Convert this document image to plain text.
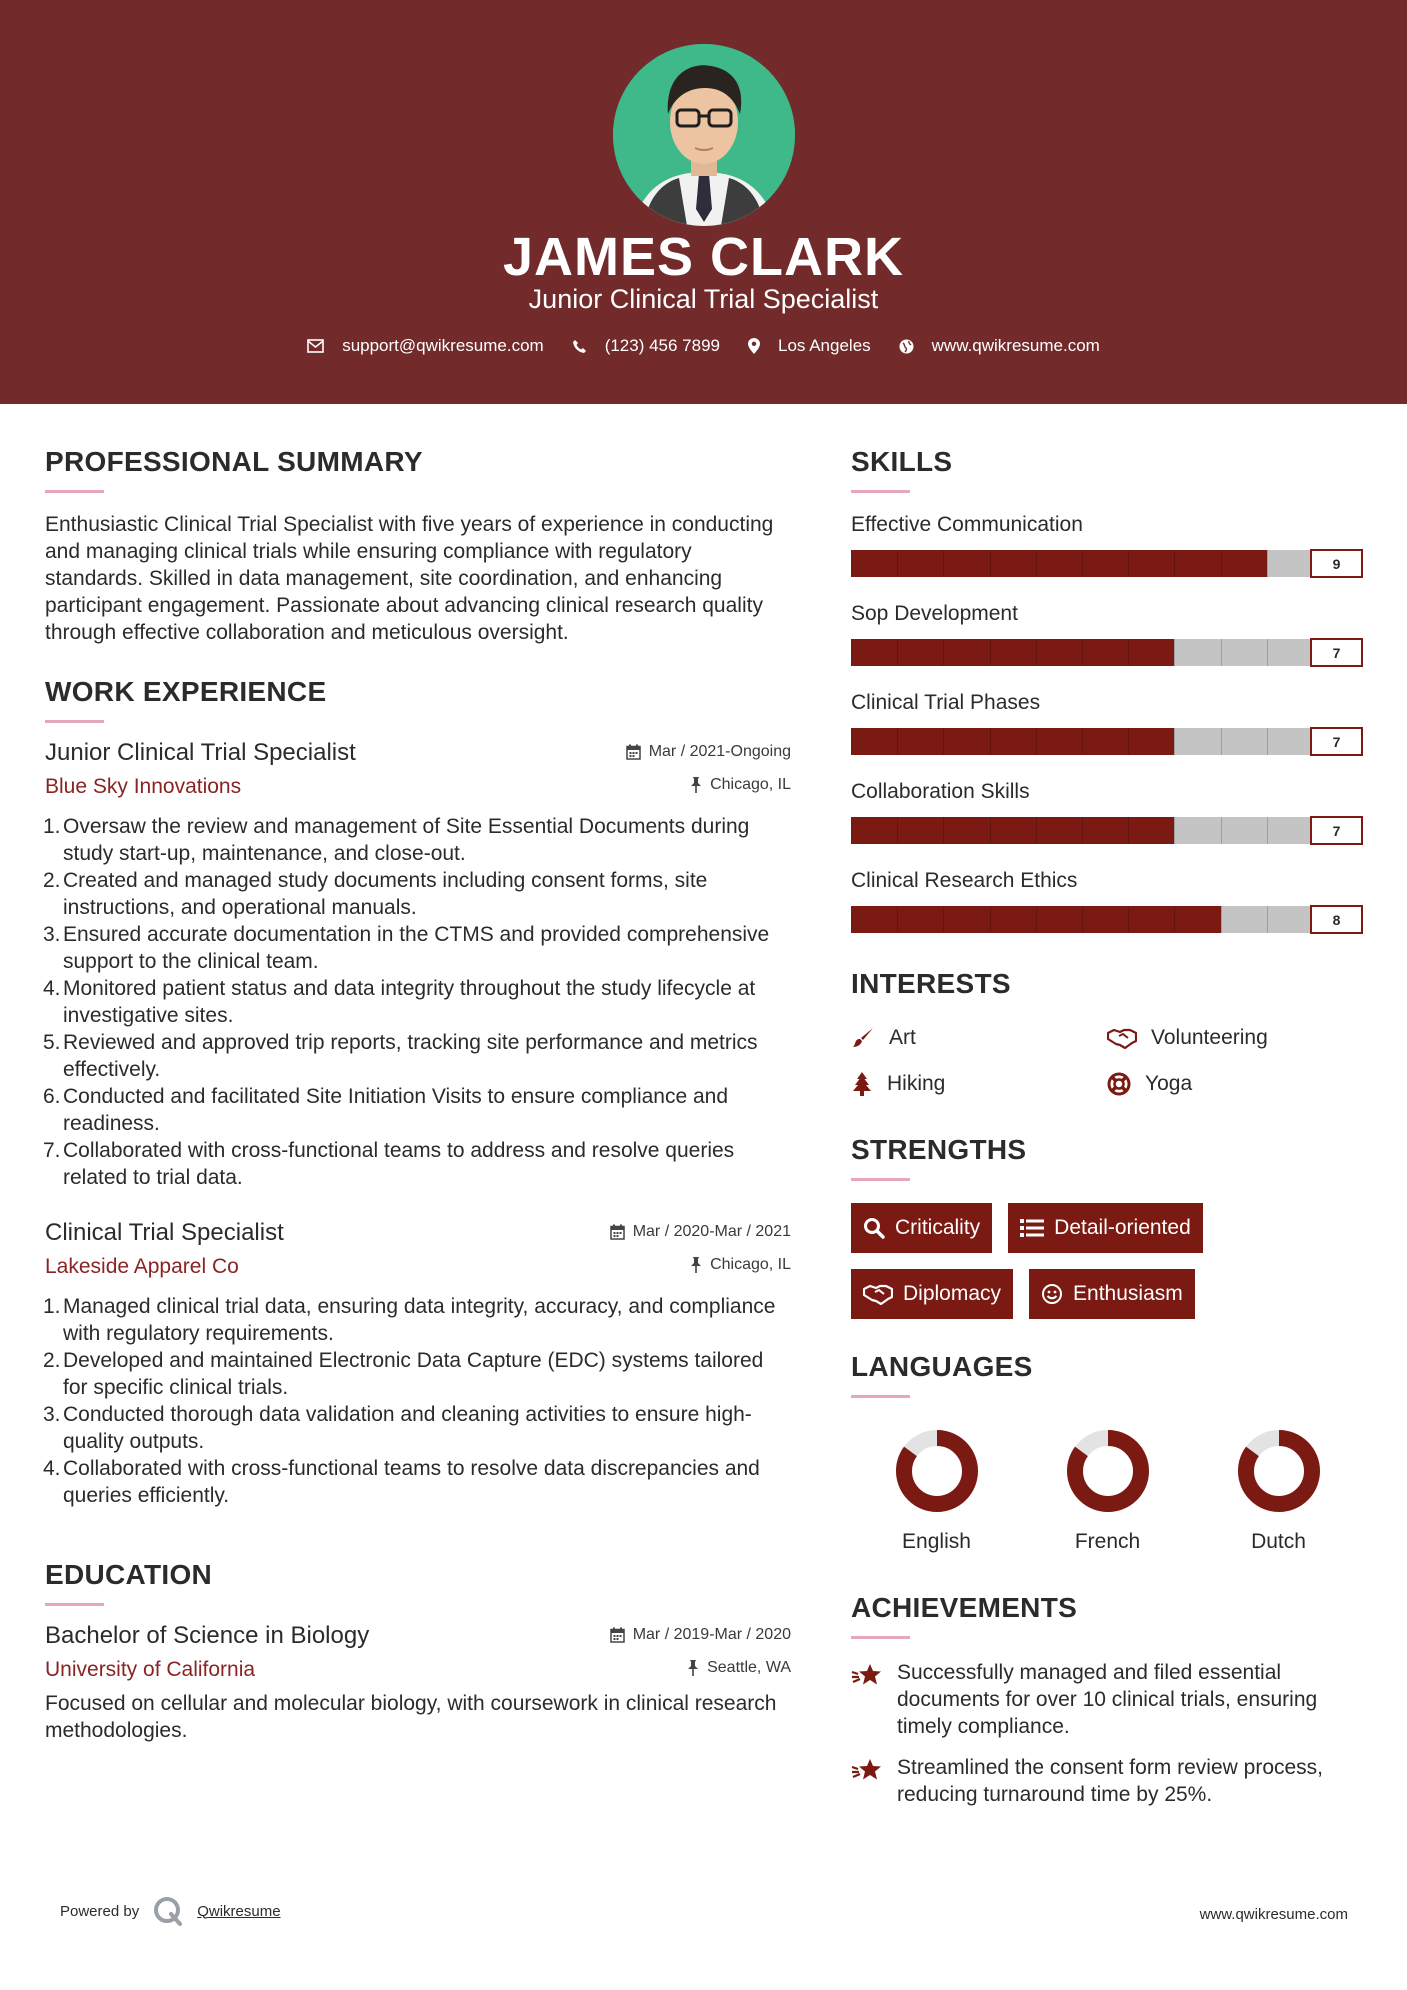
JAMES CLARK
Junior Clinical Trial Specialist
support@qwikresume.com	(123) 456 7899	Los Angeles	www.qwikresume.com
PROFESSIONAL SUMMARY

Enthusiastic Clinical Trial Specialist with five years of experience in conducting and managing clinical trials while ensuring compliance with regulatory standards. Skilled in data management, site coordination, and enhancing participant engagement. Passionate about advancing clinical research quality through effective collaboration and meticulous oversight.

WORK EXPERIENCE
Junior Clinical Trial Specialist	Mar / 2021-Ongoing
Blue Sky Innovations	Chicago, IL
1. Oversaw the review and management of Site Essential Documents during study start-up, maintenance, and close-out.
2. Created and managed study documents including consent forms, site instructions, and operational manuals.
3. Ensured accurate documentation in the CTMS and provided comprehensive support to the clinical team.
4. Monitored patient status and data integrity throughout the study lifecycle at investigative sites.
5. Reviewed and approved trip reports, tracking site performance and metrics effectively.
6. Conducted and facilitated Site Initiation Visits to ensure compliance and readiness.
7. Collaborated with cross-functional teams to address and resolve queries related to trial data.
Clinical Trial Specialist	Mar / 2020-Mar / 2021
Lakeside Apparel Co	Chicago, IL
1. Managed clinical trial data, ensuring data integrity, accuracy, and compliance with regulatory requirements.
2. Developed and maintained Electronic Data Capture (EDC) systems tailored for specific clinical trials.
3. Conducted thorough data validation and cleaning activities to ensure high-quality outputs.
4. Collaborated with cross-functional teams to resolve data discrepancies and queries efficiently.
EDUCATION
Bachelor of Science in Biology	Mar / 2019-Mar / 2020
University of California	Seattle, WA

Focused on cellular and molecular biology, with coursework in clinical research methodologies.

SKILLS
Effective Communication
9
Sop Development
7
Clinical Trial Phases
7
Collaboration Skills
7
Clinical Research Ethics
8
INTERESTS
Art	Volunteering
Hiking	Yoga
STRENGTHS
Criticality	Detail-oriented
Diplomacy	Enthusiasm
LANGUAGES
English	French	Dutch
ACHIEVEMENTS
Successfully managed and filed essential documents for over 10 clinical trials, ensuring timely compliance.
Streamlined the consent form review process, reducing turnaround time by 25%.
Powered by	Qwikresume	www.qwikresume.com
